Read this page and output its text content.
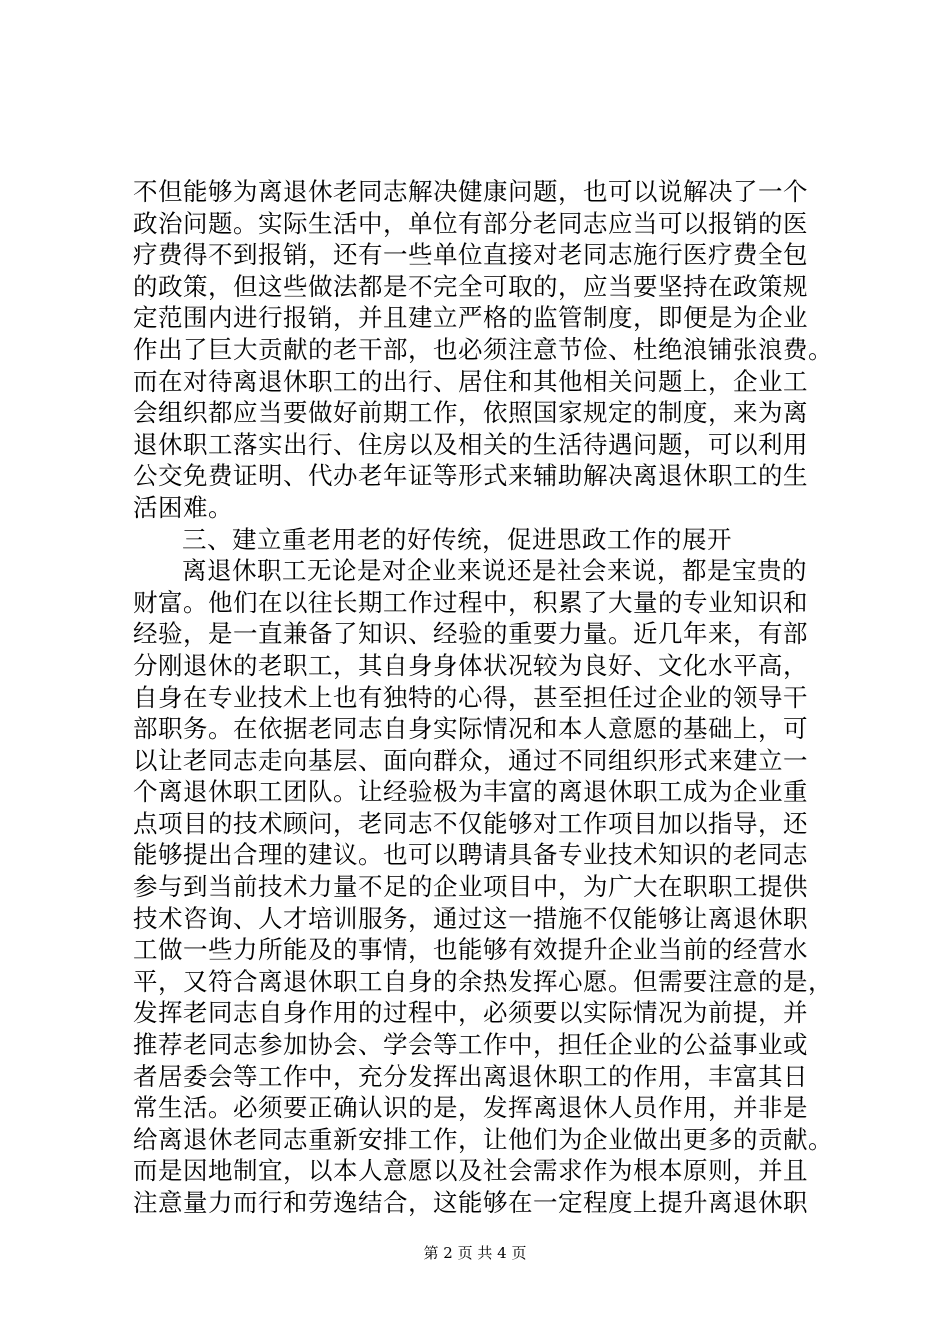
不但能够为离退休老同志解决健康问题，也可以说解决了一个
政治问题。实际生活中，单位有部分老同志应当可以报销的医
疗费得不到报销，还有一些单位直接对老同志施行医疗费全包
的政策，但这些做法都是不完全可取的，应当要坚持在政策规
定范围内进行报销，并且建立严格的监管制度，即便是为企业
作出了巨大贡献的老干部，也必须注意节俭、杜绝浪铺张浪费。
而在对待离退休职工的出行、居住和其他相关问题上，企业工
会组织都应当要做好前期工作，依照国家规定的制度，来为离
退休职工落实出行、住房以及相关的生活待遇问题，可以利用
公交免费证明、代办老年证等形式来辅助解决离退休职工的生
活困难。
三、建立重老用老的好传统，促进思政工作的展开
离退休职工无论是对企业来说还是社会来说，都是宝贵的
财富。他们在以往长期工作过程中，积累了大量的专业知识和
经验，是一直兼备了知识、经验的重要力量。近几年来，有部
分刚退休的老职工，其自身身体状况较为良好、文化水平高，
自身在专业技术上也有独特的心得，甚至担任过企业的领导干
部职务。在依据老同志自身实际情况和本人意愿的基础上，可
以让老同志走向基层、面向群众，通过不同组织形式来建立一
个离退休职工团队。让经验极为丰富的离退休职工成为企业重
点项目的技术顾问，老同志不仅能够对工作项目加以指导，还
能够提出合理的建议。也可以聘请具备专业技术知识的老同志
参与到当前技术力量不足的企业项目中，为广大在职职工提供
技术咨询、人才培训服务，通过这一措施不仅能够让离退休职
工做一些力所能及的事情，也能够有效提升企业当前的经营水
平，又符合离退休职工自身的余热发挥心愿。但需要注意的是，
发挥老同志自身作用的过程中，必须要以实际情况为前提，并
推荐老同志参加协会、学会等工作中，担任企业的公益事业或
者居委会等工作中，充分发挥出离退休职工的作用，丰富其日
常生活。必须要正确认识的是，发挥离退休人员作用，并非是
给离退休老同志重新安排工作，让他们为企业做出更多的贡献。
而是因地制宜，以本人意愿以及社会需求作为根本原则，并且
注意量力而行和劳逸结合，这能够在一定程度上提升离退休职
第 2 页 共 4 页
